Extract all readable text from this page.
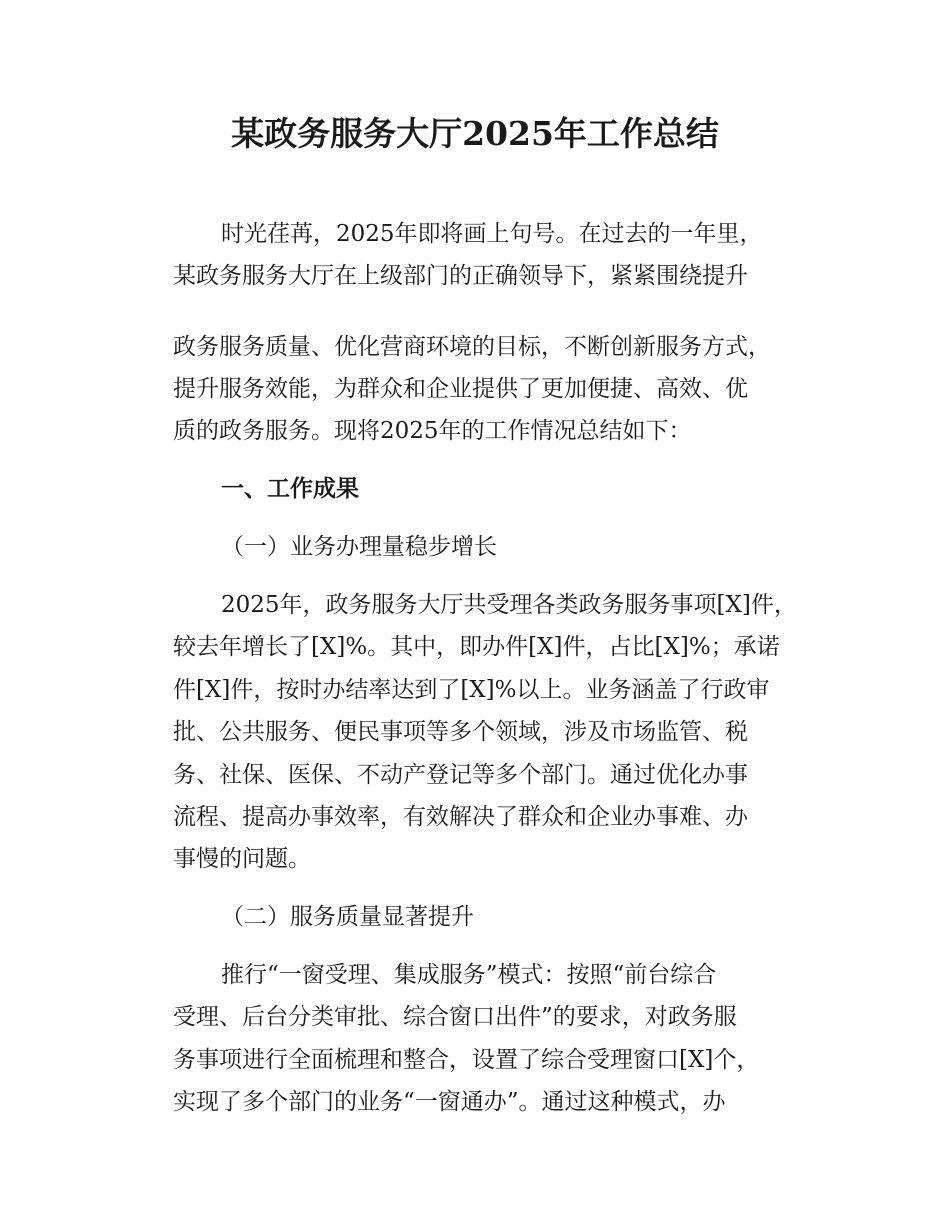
某政务服务大厅2025年工作总结

时光荏苒，2025年即将画上句号。在过去的一年里，

某政务服务大厅在上级部门的正确领导下，紧紧围绕提升

政务服务质量、优化营商环境的目标，不断创新服务方式，

提升服务效能，为群众和企业提供了更加便捷、高效、优

质的政务服务。现将2025年的工作情况总结如下：

一、工作成果

（一）业务办理量稳步增长

2025年，政务服务大厅共受理各类政务服务事项[X]件，

较去年增长了[X]%。其中，即办件[X]件，占比[X]%；承诺

件[X]件，按时办结率达到了[X]%以上。业务涵盖了行政审

批、公共服务、便民事项等多个领域，涉及市场监管、税

务、社保、医保、不动产登记等多个部门。通过优化办事

流程、提高办事效率，有效解决了群众和企业办事难、办

事慢的问题。

（二）服务质量显著提升

推行“一窗受理、集成服务”模式：按照“前台综合

受理、后台分类审批、综合窗口出件”的要求，对政务服

务事项进行全面梳理和整合，设置了综合受理窗口[X]个，

实现了多个部门的业务“一窗通办”。通过这种模式，办
